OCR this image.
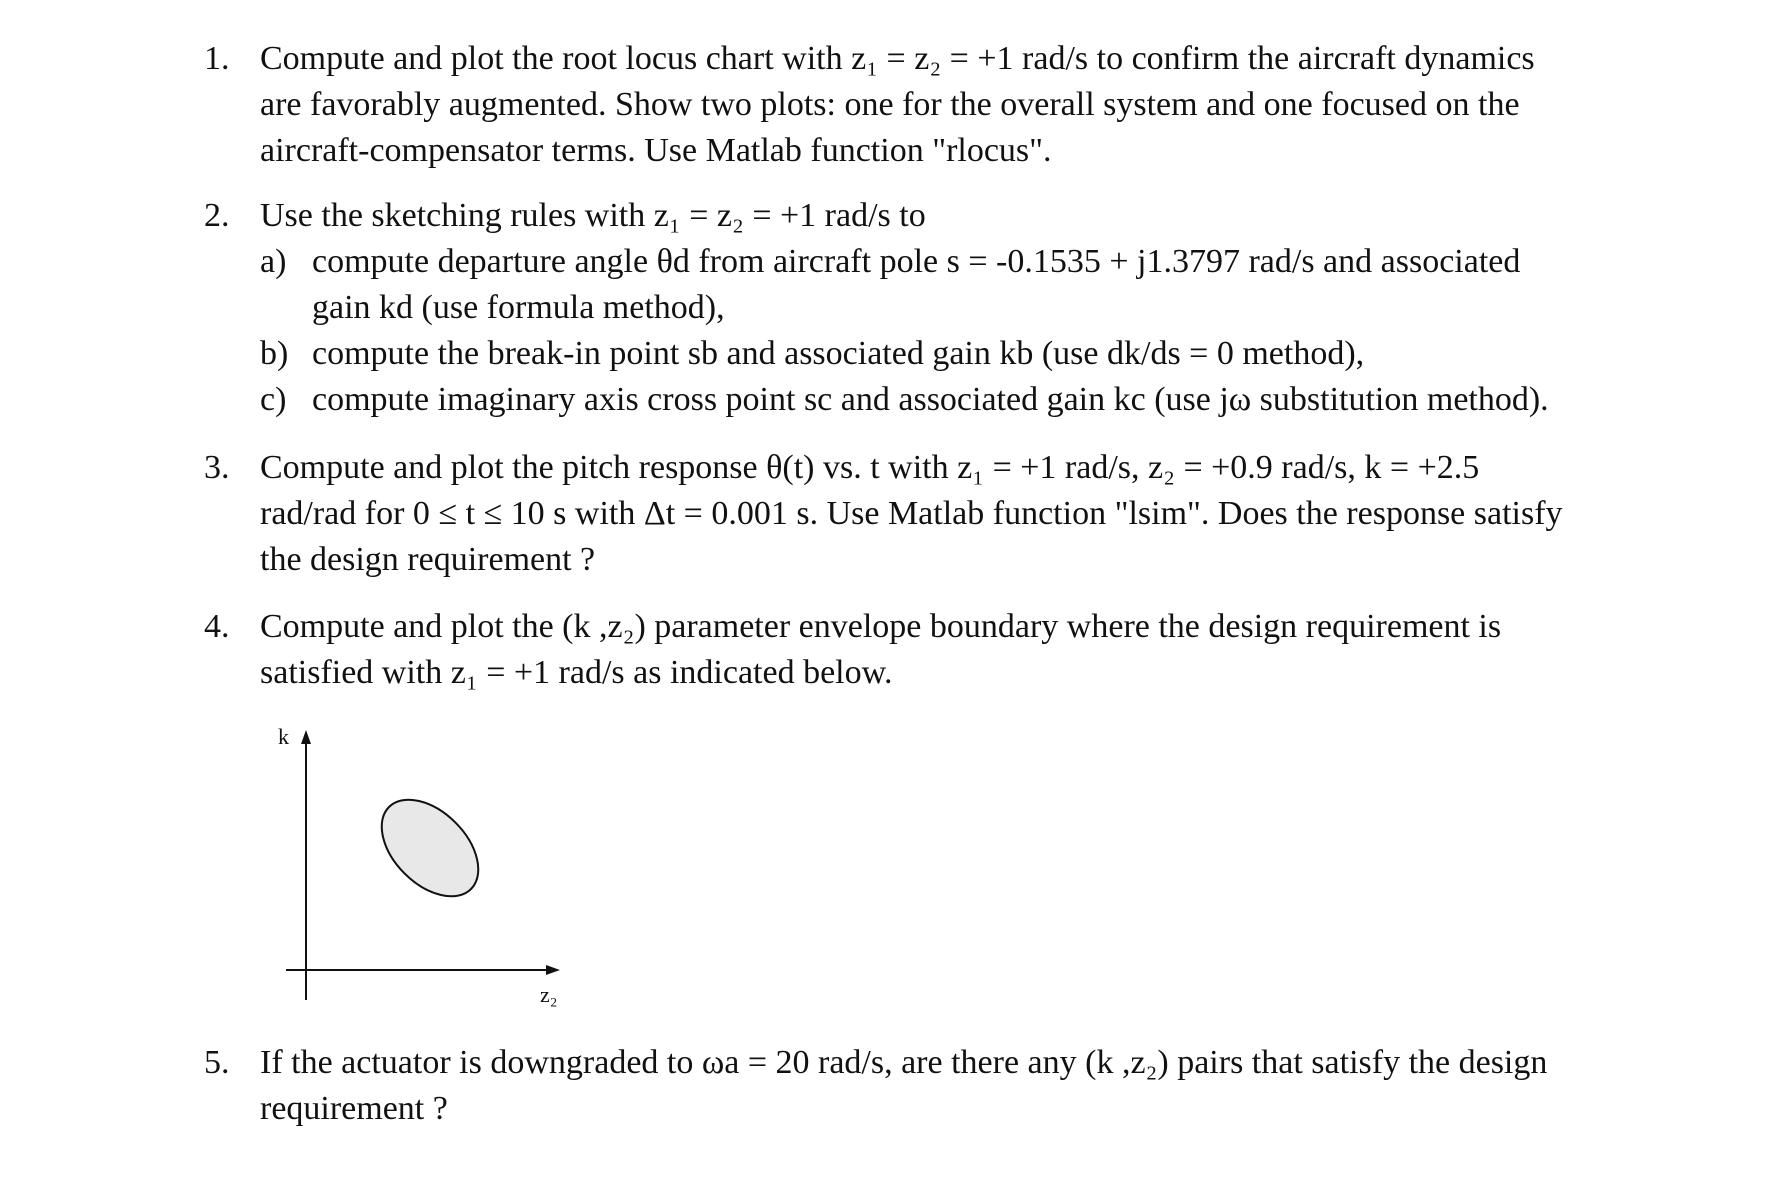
1. Compute and plot the root locus chart with z₁ = z₂ = +1 rad/s to confirm the aircraft dynamics
are favorably augmented. Show two plots: one for the overall system and one focused on the
aircraft-compensator terms. Use Matlab function "rlocus".
2. Use the sketching rules with z₁ = z₂ = +1 rad/s to
a) compute departure angle θd from aircraft pole s = -0.1535 + j1.3797 rad/s and associated
gain kd (use formula method),
b) compute the break-in point sb and associated gain kb (use dk/ds = 0 method),
c) compute imaginary axis cross point sc and associated gain kc (use jω substitution method).
3. Compute and plot the pitch response θ(t) vs. t with z₁ = +1 rad/s, z₂ = +0.9 rad/s, k = +2.5
rad/rad for 0 ≤ t ≤ 10 s with Δt = 0.001 s. Use Matlab function "lsim". Does the response satisfy
the design requirement ?
4. Compute and plot the (k ,z₂) parameter envelope boundary where the design requirement is
satisfied with z₁ = +1 rad/s as indicated below.
k
z₂
5. If the actuator is downgraded to ωa = 20 rad/s, are there any (k ,z₂) pairs that satisfy the design
requirement ?
